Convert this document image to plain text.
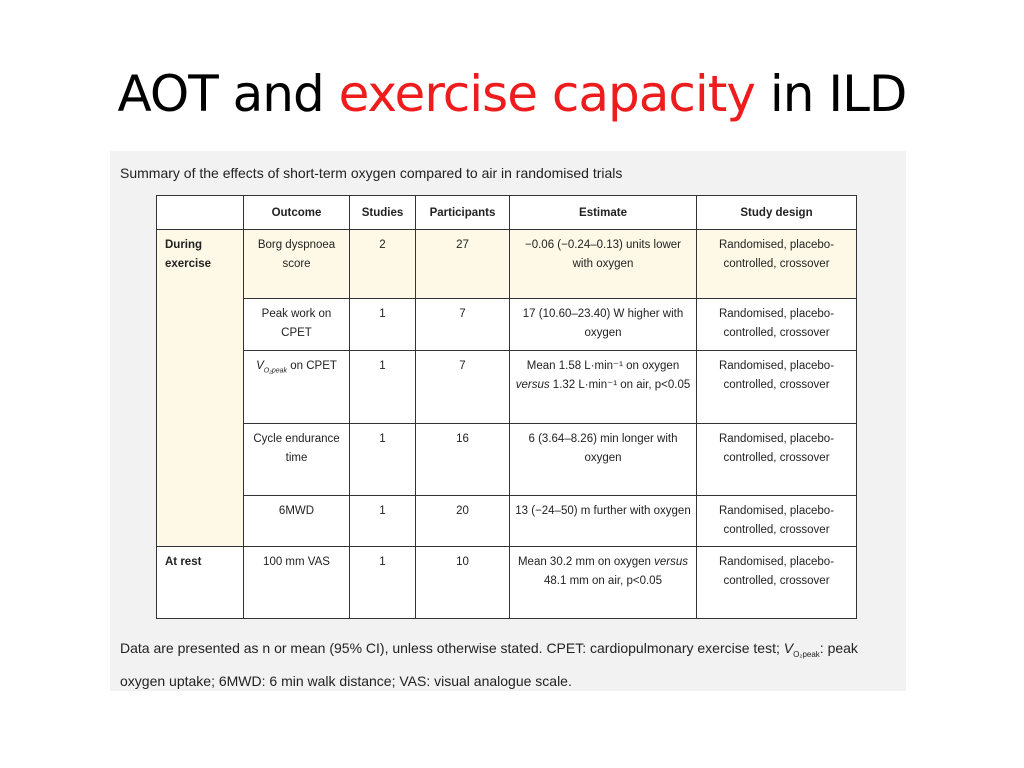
AOT and exercise capacity in ILD
Summary of the effects of short-term oxygen compared to air in randomised trials
	Outcome	Studies	Participants	Estimate	Study design
During exercise	Borg dyspnoea score	2	27	−0.06 (−0.24–0.13) units lower with oxygen	Randomised, placebo-controlled, crossover
	Peak work on CPET	1	7	17 (10.60–23.40) W higher with oxygen	Randomised, placebo-controlled, crossover
	$V_{O_2peak}$ on CPET	1	7	Mean 1.58 L·min⁻¹ on oxygen versus 1.32 L·min⁻¹ on air, p<0.05	Randomised, placebo-controlled, crossover
	Cycle endurance time	1	16	6 (3.64–8.26) min longer with oxygen	Randomised, placebo-controlled, crossover
	6MWD	1	20	13 (−24–50) m further with oxygen	Randomised, placebo-controlled, crossover
At rest	100 mm VAS	1	10	Mean 30.2 mm on oxygen versus 48.1 mm on air, p<0.05	Randomised, placebo-controlled, crossover
Data are presented as n or mean (95% CI), unless otherwise stated. CPET: cardiopulmonary exercise test; $V_{O_2peak}$: peak oxygen uptake; 6MWD: 6 min walk distance; VAS: visual analogue scale.
